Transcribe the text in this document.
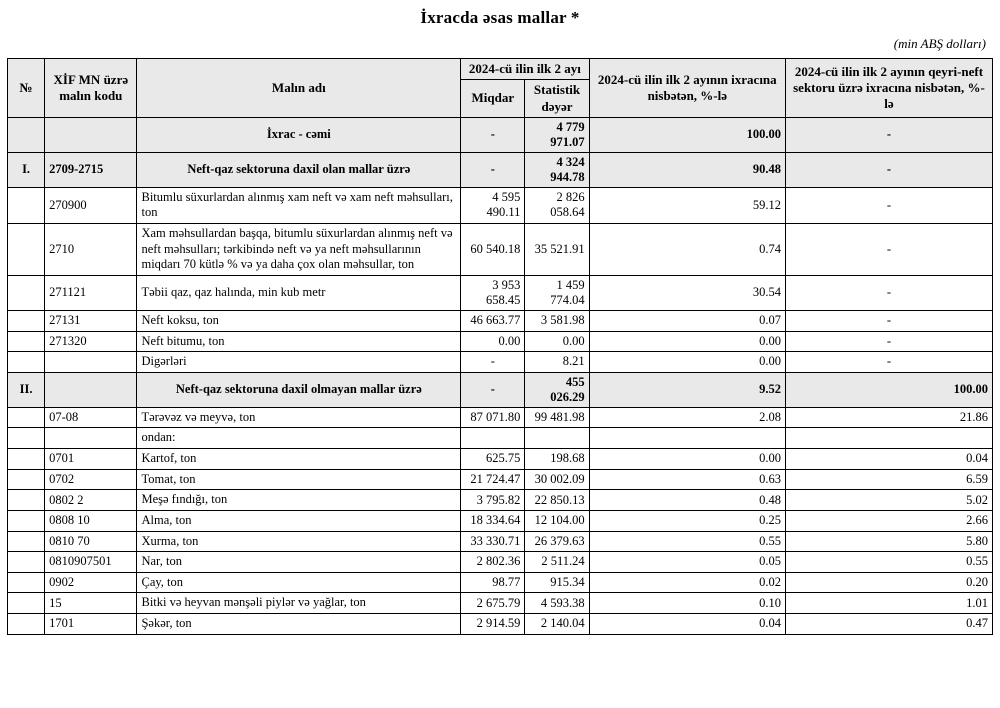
İxracda əsas mallar *
(min ABŞ dolları)
№	XİF MN üzrə malın kodu	Malın adı	2024-cü ilin ilk 2 ayı		2024-cü ilin ilk 2 ayının ixracına nisbətən, %-lə	2024-cü ilin ilk 2 ayının qeyri-neft sektoru üzrə ixracına nisbətən, %-lə
			Miqdar	Statistik dəyər		
		İxrac - cəmi	-	4 779 971.07	100.00	-
I.	2709-2715	Neft-qaz sektoruna daxil olan mallar üzrə	-	4 324 944.78	90.48	-
	270900	Bitumlu süxurlardan alınmış xam neft və xam neft məhsulları, ton	4 595 490.11	2 826 058.64	59.12	-
	2710	Xam məhsullardan başqa, bitumlu süxurlardan alınmış neft və neft məhsulları; tərkibində neft və ya neft məhsullarının miqdarı 70 kütlə % və ya daha çox olan məhsullar, ton	60 540.18	35 521.91	0.74	-
	271121	Təbii qaz, qaz halında, min kub metr	3 953 658.45	1 459 774.04	30.54	-
	27131	Neft koksu, ton	46 663.77	3 581.98	0.07	-
	271320	Neft bitumu, ton	0.00	0.00	0.00	-
		Digərləri	-	8.21	0.00	-
II.		Neft-qaz sektoruna daxil olmayan mallar üzrə	-	455 026.29	9.52	100.00
	07-08	Tərəvəz və meyvə, ton	87 071.80	99 481.98	2.08	21.86
		ondan:				
	0701	Kartof, ton	625.75	198.68	0.00	0.04
	0702	Tomat, ton	21 724.47	30 002.09	0.63	6.59
	0802 2	Meşə fındığı, ton	3 795.82	22 850.13	0.48	5.02
	0808 10	Alma, ton	18 334.64	12 104.00	0.25	2.66
	0810 70	Xurma, ton	33 330.71	26 379.63	0.55	5.80
	0810907501	Nar, ton	2 802.36	2 511.24	0.05	0.55
	0902	Çay, ton	98.77	915.34	0.02	0.20
	15	Bitki və heyvan mənşəli piylər və yağlar, ton	2 675.79	4 593.38	0.10	1.01
	1701	Şəkər, ton	2 914.59	2 140.04	0.04	0.47
